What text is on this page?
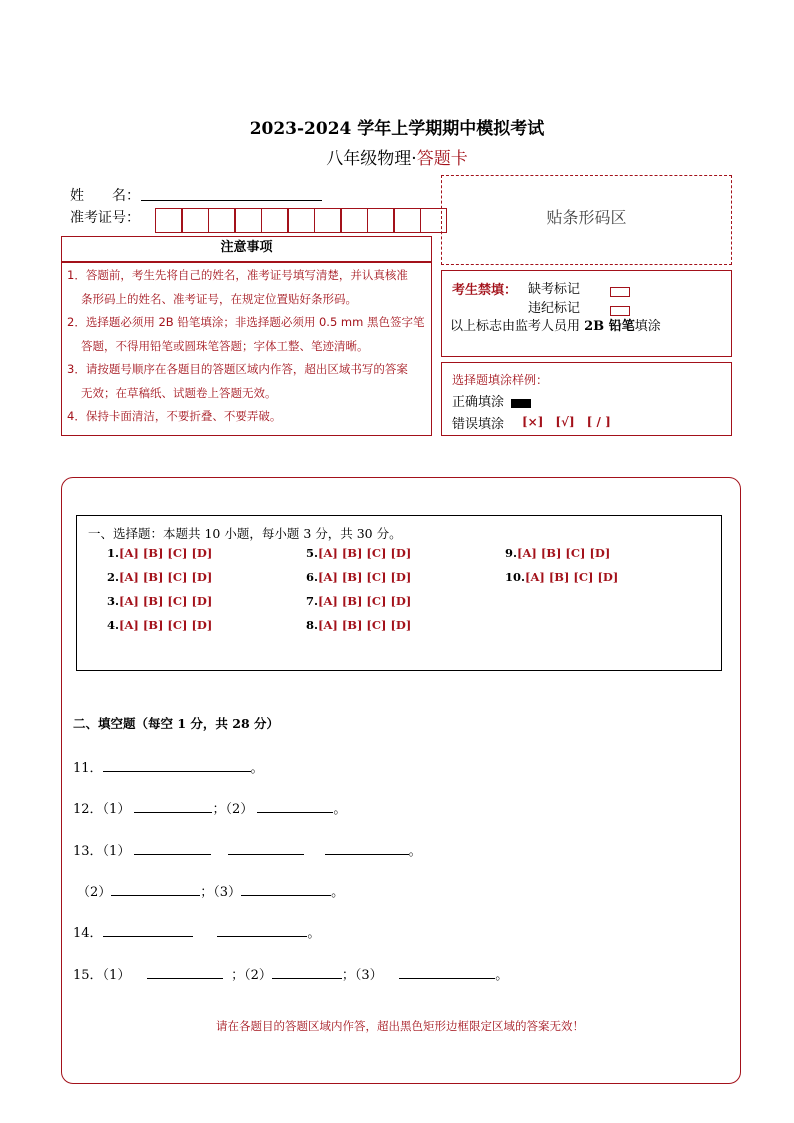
2023-2024 学年上学期期中模拟考试
八年级物理·答题卡
姓　　名：
准考证号：
注意事项

1．答题前，考生先将自己的姓名，准考证号填写清楚，并认真核准

条形码上的姓名、准考证号，在规定位置贴好条形码。

2．选择题必须用 2B 铅笔填涂；非选择题必须用 0.5 mm 黑色签字笔

答题，不得用铅笔或圆珠笔答题；字体工整、笔迹清晰。

3．请按题号顺序在各题目的答题区域内作答，超出区域书写的答案

无效；在草稿纸、试题卷上答题无效。

4．保持卡面清洁，不要折叠、不要弄破。

贴条形码区
考生禁填： 缺考标记
违纪标记
以上标志由监考人员用 2B 铅笔填涂
选择题填涂样例：
正确填涂
错误填涂 [×]　[√]　[ / ]
一、选择题：本题共 10 小题，每小题 3 分，共 30 分。
1.[A] [B] [C] [D]
2.[A] [B] [C] [D]
3.[A] [B] [C] [D]
4.[A] [B] [C] [D]
5.[A] [B] [C] [D]
6.[A] [B] [C] [D]
7.[A] [B] [C] [D]
8.[A] [B] [C] [D]
9.[A] [B] [C] [D]
10.[A] [B] [C] [D]
二、填空题（每空 1 分，共 28 分）
11．	。
12．（1）	；（2）	。
13．（1）	。
（2）	；（3）	。
14．	。
15．（1）	；（2）	；（3）	。
请在各题目的答题区域内作答，超出黑色矩形边框限定区域的答案无效！
